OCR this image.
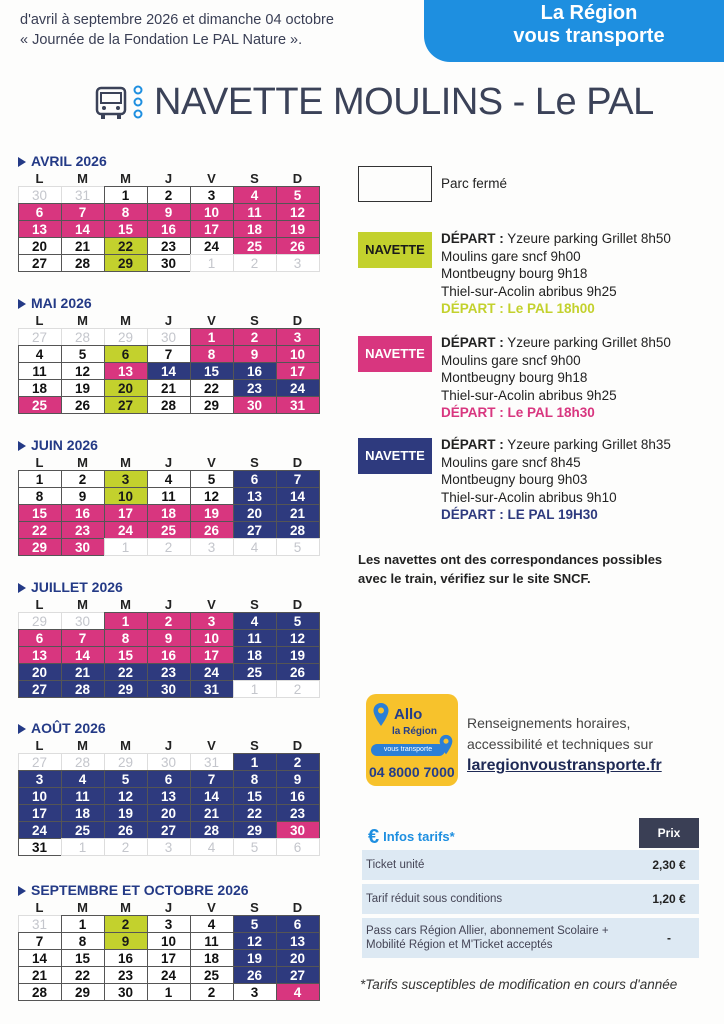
d'avril à septembre 2026 et dimanche 04 octobre
« Journée de la Fondation Le PAL Nature ».
La Région
vous transporte
NAVETTE MOULINS - Le PAL
AVRIL 2026
L	M	M	J	V	S	D
30	31	1	2	3	4	5
6	7	8	9	10	11	12
13	14	15	16	17	18	19
20	21	22	23	24	25	26
27	28	29	30	1	2	3
MAI 2026
L	M	M	J	V	S	D
27	28	29	30	1	2	3
4	5	6	7	8	9	10
11	12	13	14	15	16	17
18	19	20	21	22	23	24
25	26	27	28	29	30	31
JUIN 2026
L	M	M	J	V	S	D
1	2	3	4	5	6	7
8	9	10	11	12	13	14
15	16	17	18	19	20	21
22	23	24	25	26	27	28
29	30	1	2	3	4	5
JUILLET 2026
L	M	M	J	V	S	D
29	30	1	2	3	4	5
6	7	8	9	10	11	12
13	14	15	16	17	18	19
20	21	22	23	24	25	26
27	28	29	30	31	1	2
AOÛT 2026
L	M	M	J	V	S	D
27	28	29	30	31	1	2
3	4	5	6	7	8	9
10	11	12	13	14	15	16
17	18	19	20	21	22	23
24	25	26	27	28	29	30
31	1	2	3	4	5	6
SEPTEMBRE ET OCTOBRE 2026
L	M	M	J	V	S	D
31	1	2	3	4	5	6
7	8	9	10	11	12	13
14	15	16	17	18	19	20
21	22	23	24	25	26	27
28	29	30	1	2	3	4
Parc fermé
NAVETTE
DÉPART : Yzeure parking Grillet 8h50
Moulins gare sncf 9h00
Montbeugny bourg 9h18
Thiel-sur-Acolin abribus 9h25
DÉPART : Le PAL 18h00
NAVETTE
DÉPART : Yzeure parking Grillet 8h50
Moulins gare sncf 9h00
Montbeugny bourg 9h18
Thiel-sur-Acolin abribus 9h25
DÉPART : Le PAL 18h30
NAVETTE
DÉPART : Yzeure parking Grillet 8h35
Moulins gare sncf 8h45
Montbeugny bourg 9h03
Thiel-sur-Acolin abribus 9h10
DÉPART : LE PAL 19H30
Les navettes ont des correspondances possibles
avec le train, vérifiez sur le site SNCF.
Allo
la Région
vous transporte
04 8000 7000
Renseignements horaires,
accessibilité et techniques sur
laregionvoustransporte.fr
€ Infos tarifs*	Prix
Ticket unité	2,30 €
Tarif réduit sous conditions	1,20 €
Pass cars Région Allier, abonnement Scolaire + Mobilité Région et M'Ticket acceptés	-
*Tarifs susceptibles de modification en cours d'année
